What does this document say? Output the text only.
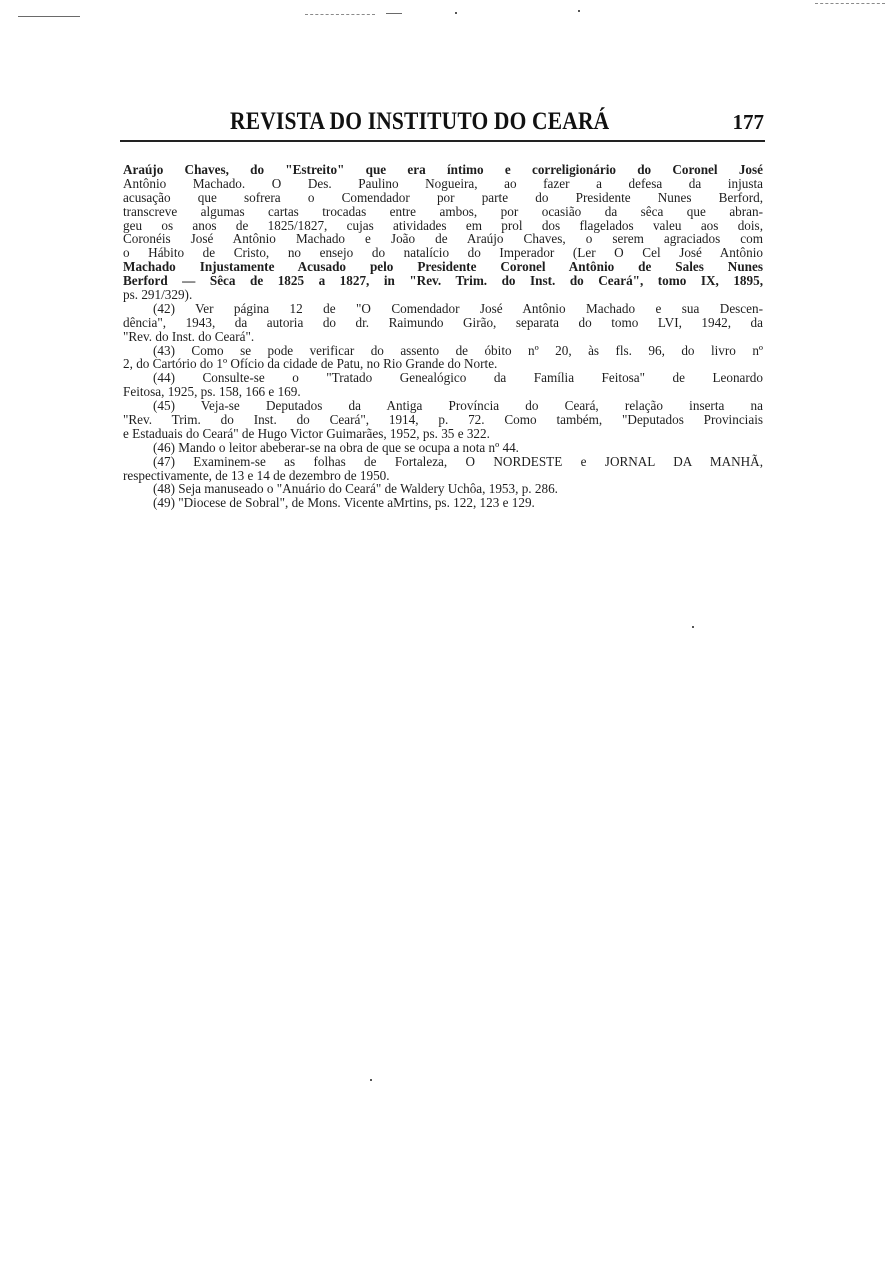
REVISTA DO INSTITUTO DO CEARÁ	177
Araújo Chaves, do "Estreito" que era íntimo e correligionário do Coronel José
Antônio Machado. O Des. Paulino Nogueira, ao fazer a defesa da injusta
acusação que sofrera o Comendador por parte do Presidente Nunes Berford,
transcreve algumas cartas trocadas entre ambos, por ocasião da sêca que abran-
geu os anos de 1825/1827, cujas atividades em prol dos flagelados valeu aos dois,
Coronéis José Antônio Machado e João de Araújo Chaves, o serem agraciados com
o Hábito de Cristo, no ensejo do natalício do Imperador (Ler O Cel José Antônio
Machado Injustamente Acusado pelo Presidente Coronel Antônio de Sales Nunes
Berford — Sêca de 1825 a 1827, in "Rev. Trim. do Inst. do Ceará", tomo IX, 1895,
ps. 291/329).
(42) Ver página 12 de "O Comendador José Antônio Machado e sua Descen-
dência", 1943, da autoria do dr. Raimundo Girão, separata do tomo LVI, 1942, da
"Rev. do Inst. do Ceará".
(43) Como se pode verificar do assento de óbito nº 20, às fls. 96, do livro nº
2, do Cartório do 1º Ofício da cidade de Patu, no Rio Grande do Norte.
(44) Consulte-se o "Tratado Genealógico da Família Feitosa" de Leonardo
Feitosa, 1925, ps. 158, 166 e 169.
(45) Veja-se Deputados da Antiga Província do Ceará, relação inserta na
"Rev. Trim. do Inst. do Ceará", 1914, p. 72. Como também, "Deputados Provinciais
e Estaduais do Ceará" de Hugo Victor Guimarães, 1952, ps. 35 e 322.
(46) Mando o leitor abeberar-se na obra de que se ocupa a nota nº 44.
(47) Examinem-se as folhas de Fortaleza, O NORDESTE e JORNAL DA MANHÃ,
respectivamente, de 13 e 14 de dezembro de 1950.
(48) Seja manuseado o "Anuário do Ceará" de Waldery Uchôa, 1953, p. 286.
(49) "Diocese de Sobral", de Mons. Vicente aMrtins, ps. 122, 123 e 129.
